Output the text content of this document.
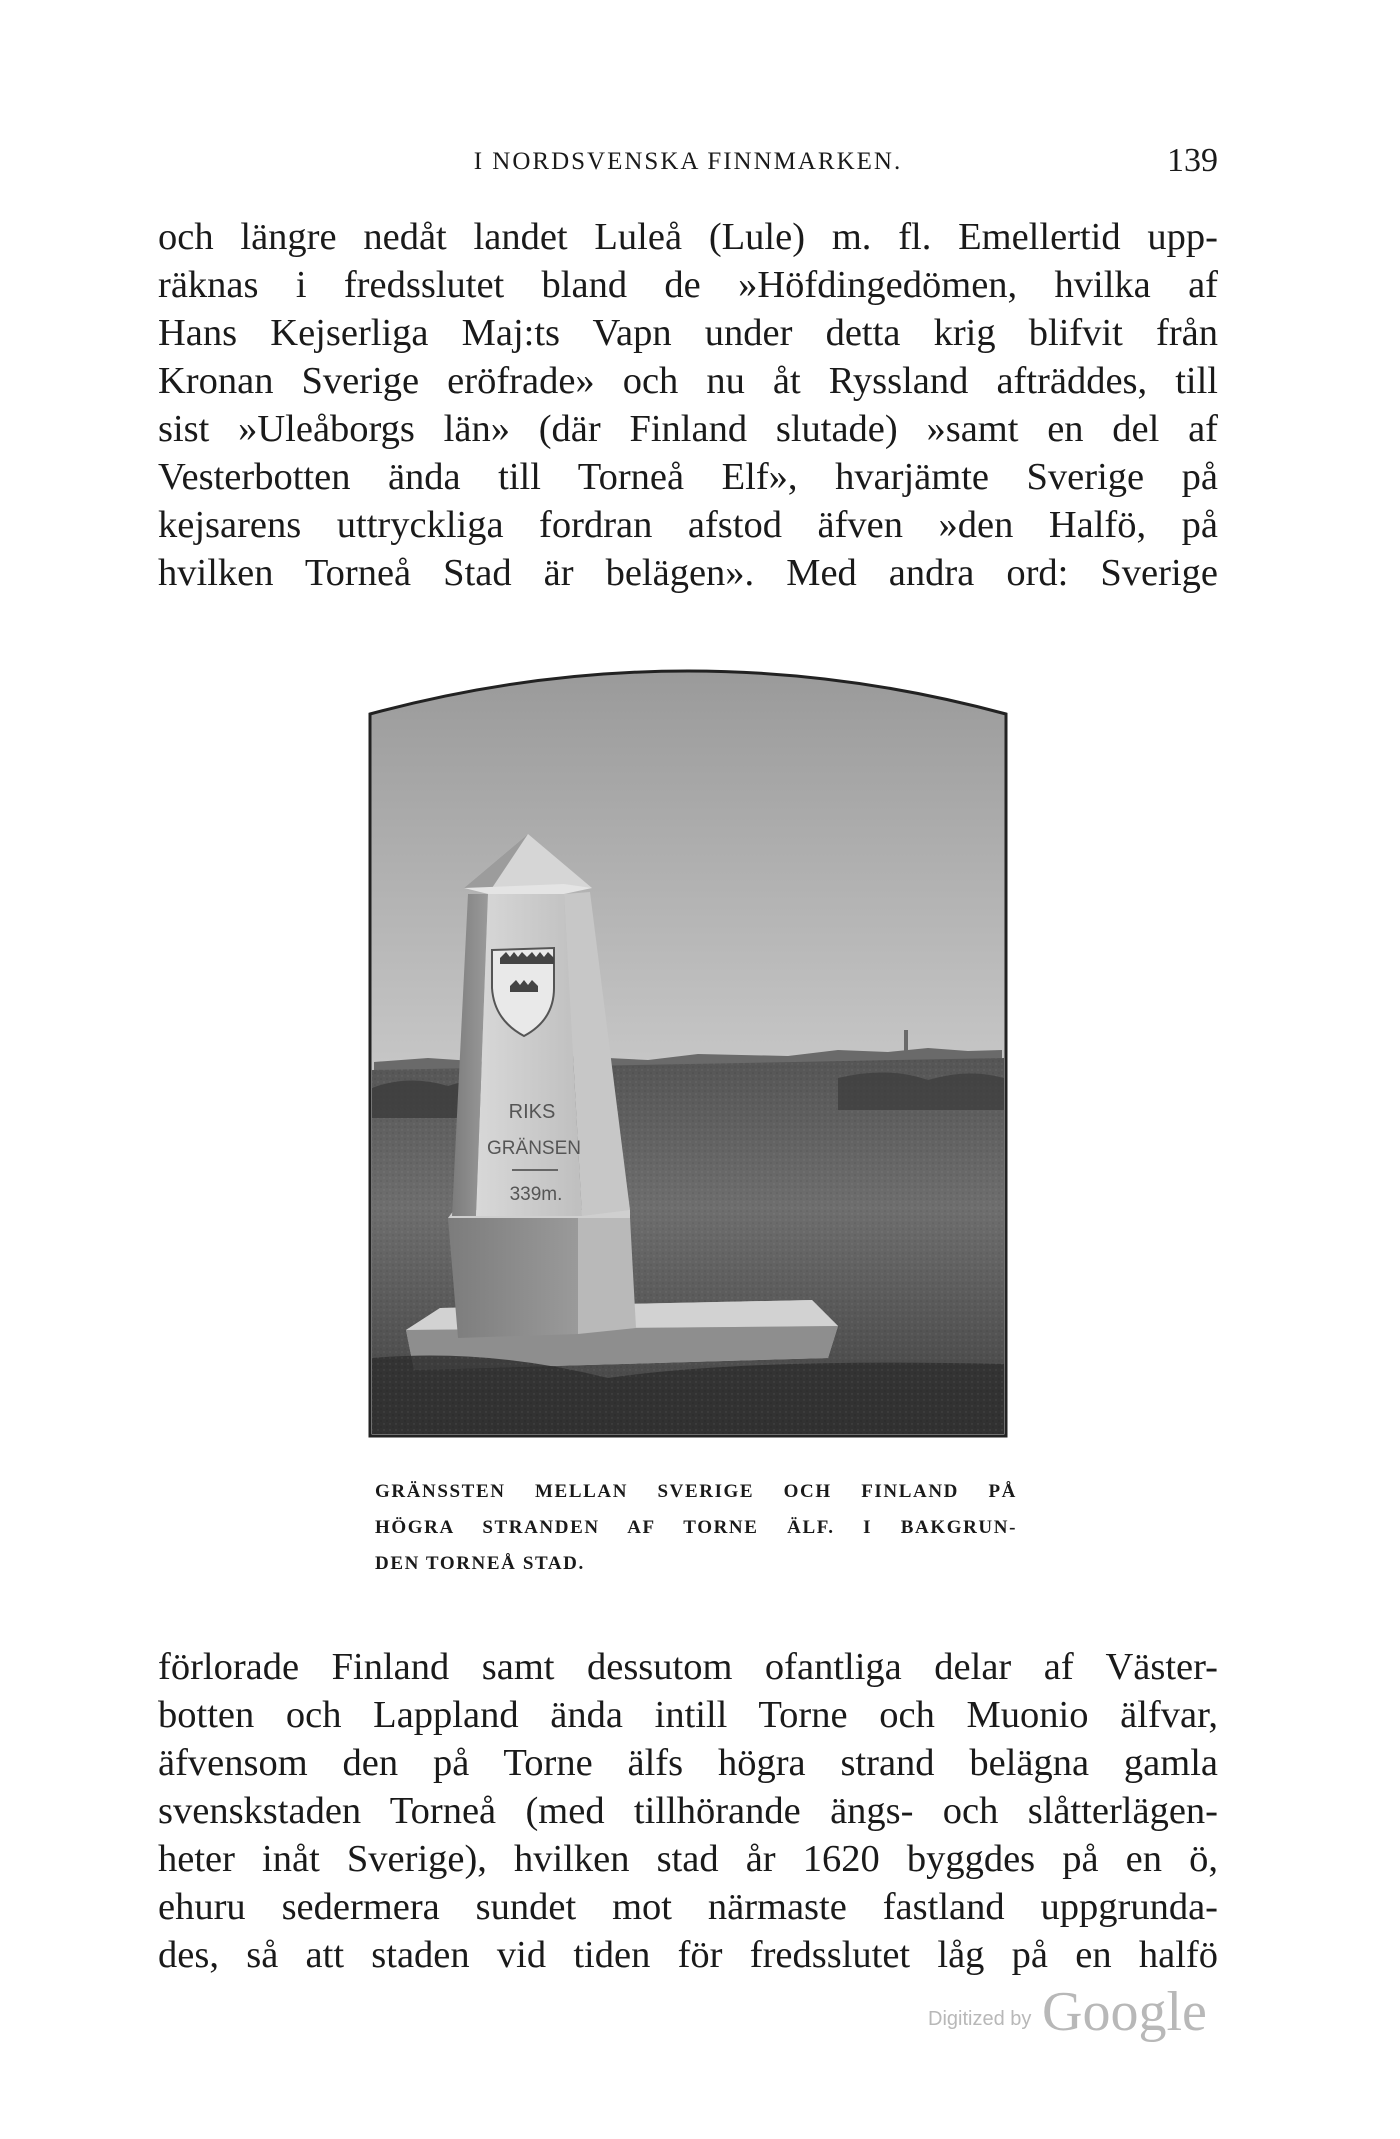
I NORDSVENSKA FINNMARKEN.	139
och längre nedåt landet Luleå (Lule) m. fl. Emellertid upp-
räknas i fredsslutet bland de »Höfdingedömen, hvilka af
Hans Kejserliga Maj:ts Vapn under detta krig blifvit från
Kronan Sverige eröfrade» och nu åt Ryssland afträddes, till
sist »Uleåborgs län» (där Finland slutade) »samt en del af
Vesterbotten ända till Torneå Elf», hvarjämte Sverige på
kejsarens uttryckliga fordran afstod äfven »den Halfö, på
hvilken Torneå Stad är belägen». Med andra ord: Sverige
RIKS
GRÄNSEN
339m.
GRÄNSSTEN MELLAN SVERIGE OCH FINLAND PÅ
HÖGRA STRANDEN AF TORNE ÄLF. I BAKGRUN-
DEN TORNEÅ STAD.
förlorade Finland samt dessutom ofantliga delar af Väster-
botten och Lappland ända intill Torne och Muonio älfvar,
äfvensom den på Torne älfs högra strand belägna gamla
svenskstaden Torneå (med tillhörande ängs- och slåtterlägen-
heter inåt Sverige), hvilken stad år 1620 byggdes på en ö,
ehuru sedermera sundet mot närmaste fastland uppgrunda-
des, så att staden vid tiden för fredsslutet låg på en halfö
Digitized by Google
